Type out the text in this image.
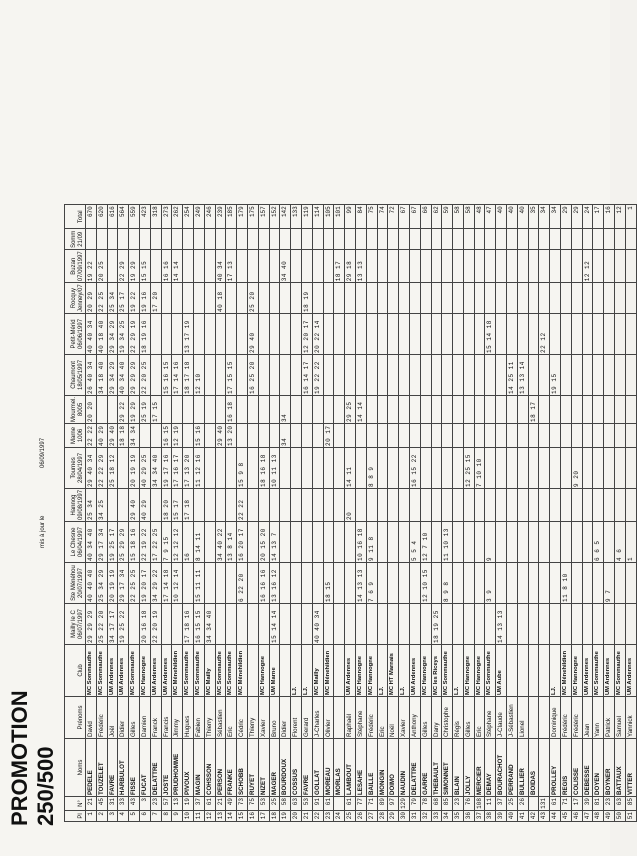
PROMOTION 250/500
mis à jour le
06/09/1997
Pl	N°	Noms	Prénoms	Club	Mailly le C 06/07/1997	Ste Ménéhou 20/07/1997	Le Chesne 06/04/1997	Hannog 09/08/1997	Tournes 28/04/1997	Marne 1006	Mourmel. 8005	Chaumont 18/05/1997	Petit-Mérid 06/06/1997	Rocquy Jenney/07	Buzan 07/09/1997	Somm 21/09	Total
1	21	PEDELE	David	MC Sommauthe	29 29 29	40 40 40	40 34 40	25 34	29 40 34	22 22	20 20	26 40 34	40 40 34	20 29	19 22		670
2	45	TOUZELET	Frédéric	MC Sommauthe	25 22 20	25 34 29	29 17 34	34 25	22 22 29	40 29		34 18 40	40 18 40	22 25	20 25		620
3	31	FAVRE	Joël	UM Ardennes	34 17 17	20 19 19	19 25 17		25 18 12	29 40		29 34 29	29 34 29	25 34			616
4	33	HARBULOT	Didier	UM Ardennes	19 25 22	29 17 34	25 29 29			18 18	29 22	40 34 40	19 34 25	25 17	22 29		564
5	43	FISSE	Gilles	MC Sommauthe		22 25 25	15 18 16	29 40	20 19 19	34 34	19 29	29 29 29	22 29 19	19 22	19 29		559
6	3	FUCAT	Damien	MC Hannogne	20 16 18	19 20 17	22 19 22	40 29	40 29 25		25 19	22 20 25	18 19 16	19 16	15 15		423
7	23	DELATTRE	Franck	UM Ardennes	22 20 19	34 29 22	17 22 25		34 34 40		17 15			17 20			318
8	57	JOSTE	Francis	UM Ardennes		17 14 18	7 9 15	18 20	19 17 16	16 15		15 16 15			16 16		273
9	13	PRUDHOMME	Jimmy	MC Ménehildien		10 12 14	12 12 12	15 17	17 16 17	12 19		17 14 16			14 14		262
10	19	PIVOUX	Hugues	MC Sommauthe	17 18 16		16	17 18	17 13 20			18 17 18	13 17 19				254
11	37	MAGIN	Fabien	MC Sommauthe	16 15 15	15 11 11	8 14 11		11 12 16	15 16		12 10					249
12	61	COHSSON	Thierry	MC Mailly	34 34 40												246
13	21	PERSON	Sébastien	MC Sommauthe			34 40 22			29 40				40 18	40 34		239
14	49	FRANKE	Eric	MC Sommauthe			13 8 14			13 20	16 18	17 15 15			17 13		185
15	73	SCHOBB	Cédric	MC Ménehildien		6 22 20	16 20 17	22 22	15 9 8								179
16	75	RUYET	Thierry									16 25 20	29 40	25 20			175
17	53	NIZET	Xavier	MC Hannogne		16 16 16	20 15 20		18 16 18								157
18	25	MAGER	Bruno	UM Marne	15 14 14	13 16 12	14 13 7		10 11 13								152
19	58	BOURDOUX	Didier							34	34				34 40		142
20	63	COSSUS	Florent	LJ.													133
21	53	FAVRE	Gerard	LJ.								16 14 17	12 20 17	18 19			119
22	91	GOLLAT	J-Charles	MC Mailly	40 40 34							19 22 22	20 22 14				114
23	61	MOREAU	Olivier	MC Ménehildien		18 15				20 17							105
24		MORLAS													18 17		101
25	61	LAMBOUT	Raphaël	UM Ardennes				20	14 11		29 25				29 18		99
26	77	LESAHE	Stéphane	MC Hannogne		14 13 13	10 16 18				14 14				13 13		84
27	71	BAILLE	Frédéric	MC Hannogne		7 6 9	9 11 8		8 8 9								75
28	89	MONGIN	Eric	LJ.													74
29	97	DOIMO	Noël	MC HT Marnais													72
30	129	NAUDIN	Xavier	LJ.													67
31	79	DELATTRE	Anthony	UM Ardennes			5 5 4		16 15 22								67
32	78	GARRE	Gilles	MC Hannogne		12 10 15	12 7 10										66
33	68	THEBAULT	Dany	MC les Riceys	18 19 25												62
34	85	SIMONNET	Christophe	MC Sommauthe		8 9 8	11 10 13										59
35	23	BLAIN	Régis	LJ.													58
36	76	JOLLY	Gilles	MC Hannogne					12 25 15								58
37	108	MERCIER	Eric	MC Hannogne					7 10 10								48
38	11	DEMAY	Stéphane	MC Sommauthe		3 9	9						15 14 18				47
39	37	BOURACHOT	J-Claude	UM Aube	14 13 13												40
40	25	PERRAND	J-Sébastien									14 25 11					40
41	26	BULLIER	Lionel									13 13 14					40
42		BOIDAS									18 17						35
43	131												22 12				34
44	61	PROLLEY	Dominique	LJ.								19 15					34
45	71	REGIS	Frédéric	MC Ménehildien		11 8 10											29
46	17	COLISSE	Frédéric	MC Hannogne					9 20								29
47	39	DEBESSE	Jean	UM Ardennes											12 12		24
48	81	DOYEN	Yann	MC Sommauthe			6 6 5										17
49	23	BOYNER	Patrick	UM Ardennes		9 7											16
50	63	BATTAUX	Samuel	MC Sommauthe			4 6										12
51	85	VITTER	Yannick	UM Ardennes			1										1
